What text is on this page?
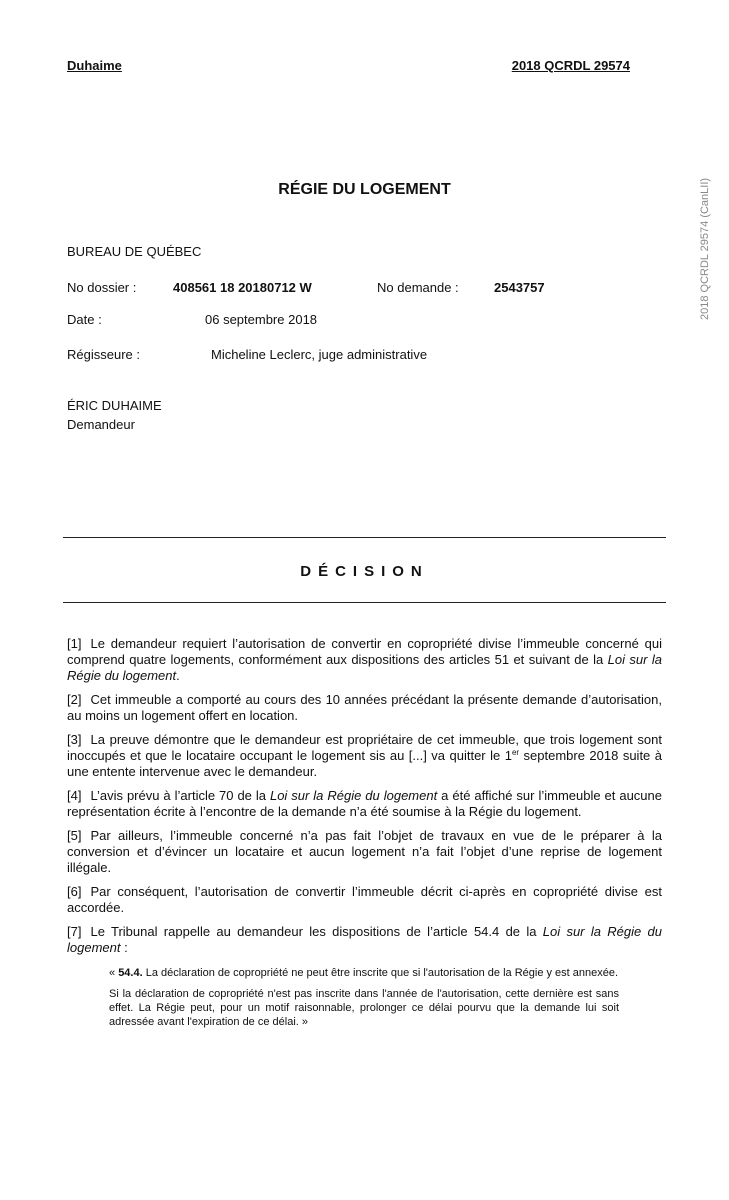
Duhaime	2018 QCRDL 29574
2018 QCRDL 29574 (CanLII)
RÉGIE DU LOGEMENT
BUREAU DE QUÉBEC
No dossier :	408561 18 20180712 W	No demande :	2543757
Date :	06 septembre 2018
Régisseure :	Micheline Leclerc, juge administrative
ÉRIC DUHAIME
Demandeur
DÉCISION

[1] Le demandeur requiert l’autorisation de convertir en copropriété divise l’immeuble concerné qui comprend quatre logements, conformément aux dispositions des articles 51 et suivant de la Loi sur la Régie du logement.

[2] Cet immeuble a comporté au cours des 10 années précédant la présente demande d’autorisation, au moins un logement offert en location.

[3] La preuve démontre que le demandeur est propriétaire de cet immeuble, que trois logement sont inoccupés et que le locataire occupant le logement sis au [...] va quitter le 1er septembre 2018 suite à une entente intervenue avec le demandeur.

[4] L’avis prévu à l’article 70 de la Loi sur la Régie du logement a été affiché sur l’immeuble et aucune représentation écrite à l’encontre de la demande n’a été soumise à la Régie du logement.

[5] Par ailleurs, l’immeuble concerné n’a pas fait l’objet de travaux en vue de le préparer à la conversion et d’évincer un locataire et aucun logement n’a fait l’objet d’une reprise de logement illégale.

[6] Par conséquent, l’autorisation de convertir l’immeuble décrit ci-après en copropriété divise est accordée.

[7] Le Tribunal rappelle au demandeur les dispositions de l’article 54.4 de la Loi sur la Régie du logement :

« 54.4. La déclaration de copropriété ne peut être inscrite que si l'autorisation de la Régie y est annexée.

Si la déclaration de copropriété n'est pas inscrite dans l'année de l'autorisation, cette dernière est sans effet. La Régie peut, pour un motif raisonnable, prolonger ce délai pourvu que la demande lui soit adressée avant l'expiration de ce délai. »
